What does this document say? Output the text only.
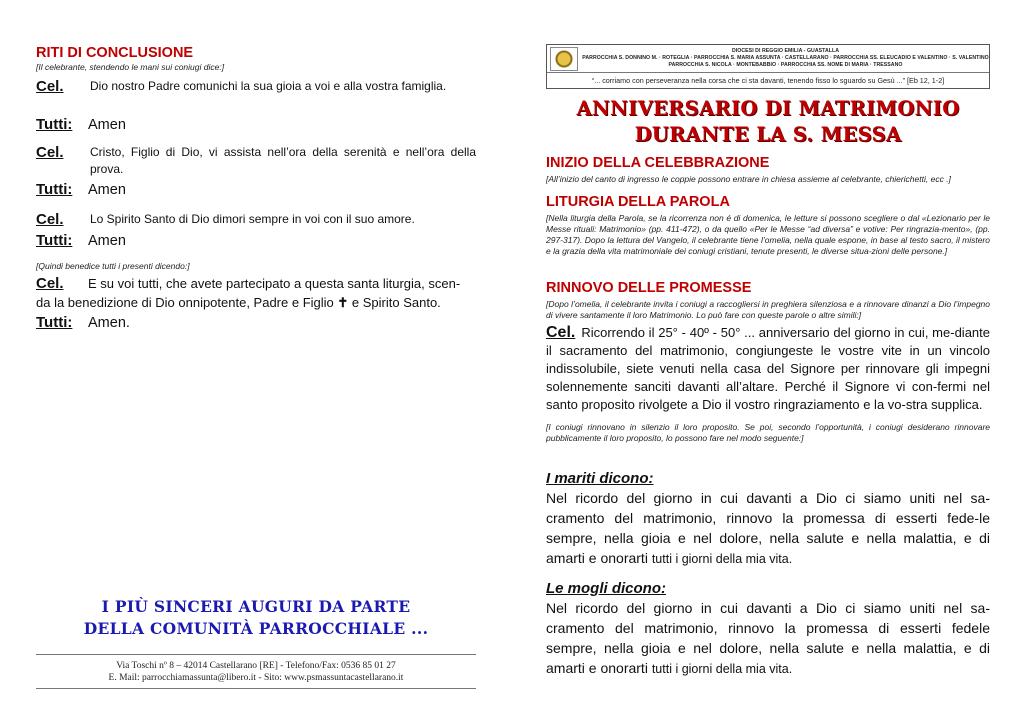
RITI DI CONCLUSIONE
[Il celebrante, stendendo le mani sui coniugi dice:]
Cel.	Dio nostro Padre comunichi la sua gioia a voi e alla vostra famiglia.
Tutti:	Amen
Cel.	Cristo, Figlio di Dio, vi assista nell’ora della serenità e nell’ora della prova.
Tutti:	Amen
Cel.	Lo Spirito Santo di Dio dimori sempre in voi con il suo amore.
Tutti:	Amen
[Quindi benedice tutti i presenti dicendo:]
Cel.	E su voi tutti, che avete partecipato a questa santa liturgia, scen-
da la benedizione di Dio onnipotente, Padre e Figlio ✝ e Spirito Santo.
Tutti:	Amen.
I PIÙ SINCERI AUGURI DA PARTE
DELLA COMUNITÀ PARROCCHIALE ...
Via Toschi nº 8 – 42014 Castellarano [RE] - Telefono/Fax: 0536 85 01 27
E. Mail: parrocchiamassunta@libero.it - Sito: www.psmassuntacastellarano.it
DIOCESI DI REGGIO EMILIA - GUASTALLA
PARROCCHIA S. DONNINO M. · ROTEGLIA · PARROCCHIA S. MARIA ASSUNTA · CASTELLARANO · PARROCCHIA SS. ELEUCADIO E VALENTINO · S. VALENTINO
PARROCCHIA S. NICOLA · MONTEBABBIO · PARROCCHIA SS. NOME DI MARIA · TRESSANO
“... corriamo con perseveranza nella corsa che ci sta davanti, tenendo fisso lo sguardo su Gesù ...” [Eb 12, 1-2]
ANNIVERSARIO DI MATRIMONIO
DURANTE LA S. MESSA
INIZIO DELLA CELEBBRAZIONE
[All’inizio del canto di ingresso le coppie possono entrare in chiesa assieme al celebrante, chierichetti, ecc .]
LITURGIA DELLA PAROLA
[Nella liturgia della Parola, se la ricorrenza non é di domenica, le letture si possono scegliere o dal «Lezionario per le Messe rituali: Matrimonio» (pp. 411-472), o da quello «Per le Messe “ad diversa” e votive: Per ringrazia-mento», (pp. 297-317). Dopo la lettura del Vangelo, il celebrante tiene l’omelia, nella quale espone, in base al testo sacro, il mistero e la grazia della vita matrimoniale dei coniugi cristiani, tenute presenti, le diverse situa-zioni delle persone.]
RINNOVO DELLE PROMESSE
[Dopo l’omelia, il celebrante invita i coniugi a raccogliersi in preghiera silenziosa e a rinnovare dinanzi a Dio l’impegno di vivere santamente il loro Matrimonio. Lo può fare con queste parole o altre simili:]
Cel. Ricorrendo il 25° - 40º - 50° ... anniversario del giorno in cui, me-diante il sacramento del matrimonio, congiungeste le vostre vite in un vincolo indissolubile, siete venuti nella casa del Signore per rinnovare gli impegni solennemente sanciti davanti all’altare. Perché il Signore vi con-fermi nel santo proposito rivolgete a Dio il vostro ringraziamento e la vo-stra supplica.
[I coniugi rinnovano in silenzio il loro proposito. Se poi, secondo l’opportunità, i coniugi desiderano rinnovare pubblicamente il loro proposito, lo possono fare nel modo seguente:]
I mariti dicono:
Nel ricordo del giorno in cui davanti a Dio ci siamo uniti nel sa-cramento del matrimonio, rinnovo la promessa di esserti fede-le sempre, nella gioia e nel dolore, nella salute e nella malattia, e di amarti e onorarti tutti i giorni della mia vita.
Le mogli dicono:
Nel ricordo del giorno in cui davanti a Dio ci siamo uniti nel sa-cramento del matrimonio, rinnovo la promessa di esserti fedele sempre, nella gioia e nel dolore, nella salute e nella malattia, e di amarti e onorarti tutti i giorni della mia vita.
